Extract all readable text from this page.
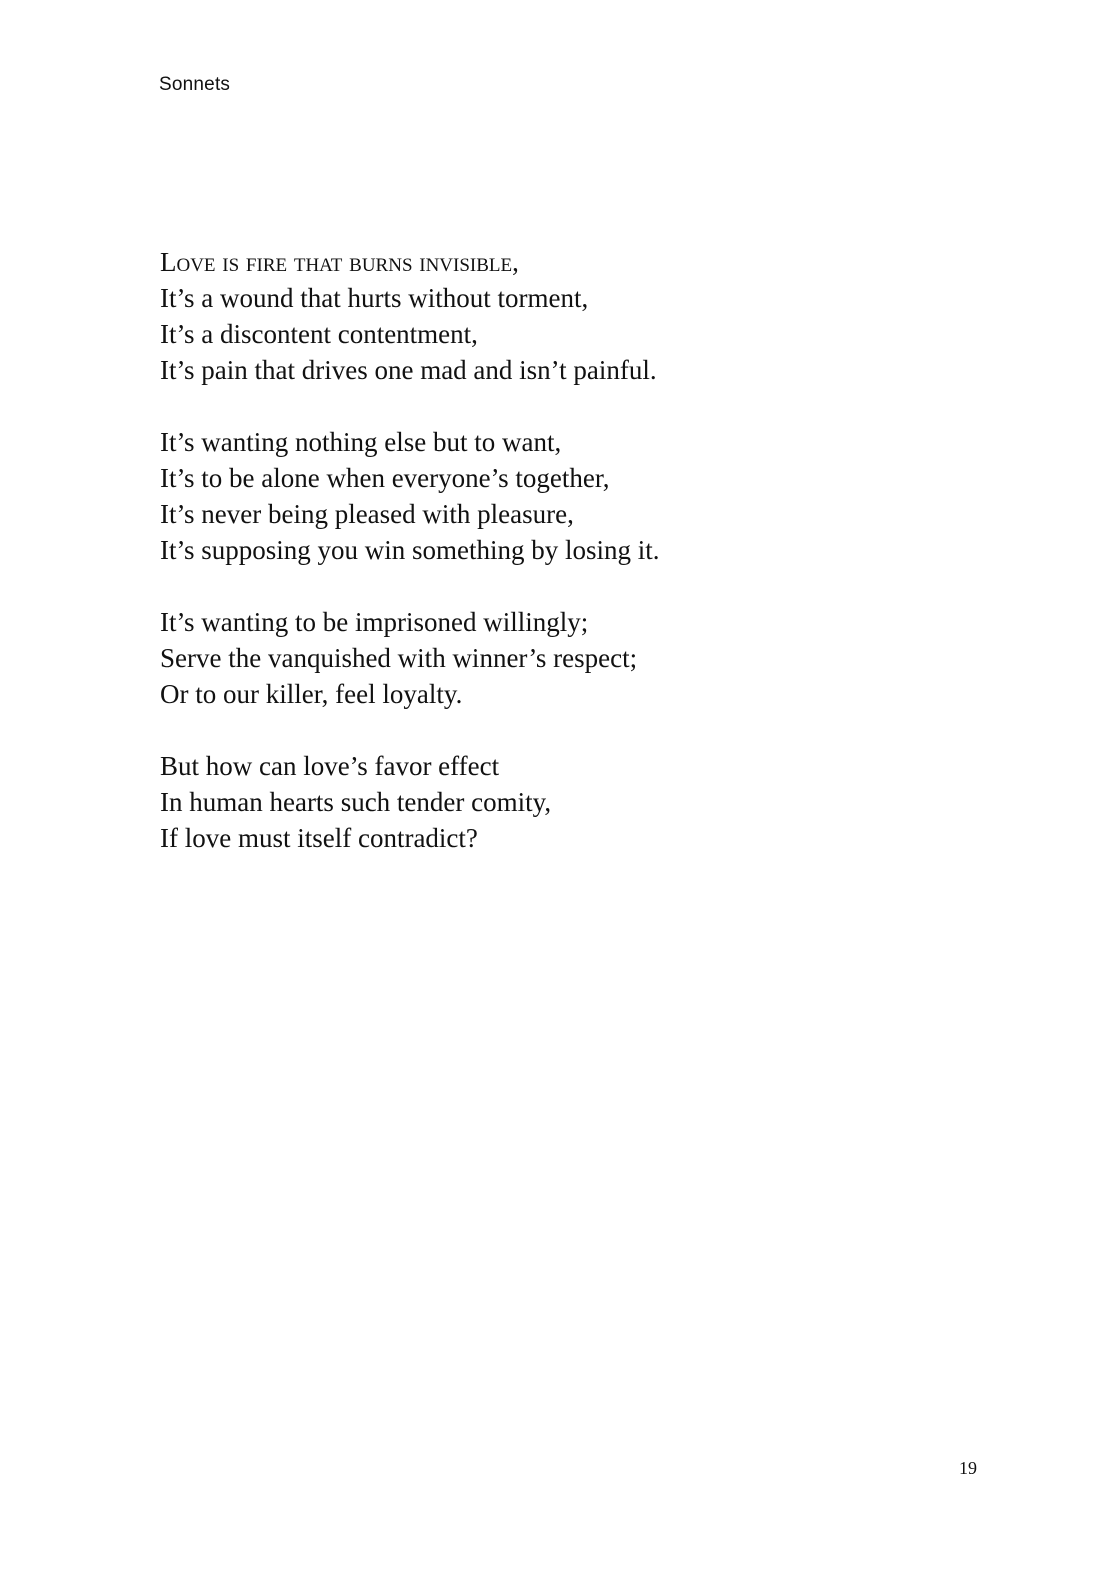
Sonnets
Love is fire that burns invisible,
It’s a wound that hurts without torment,
It’s a discontent contentment,
It’s pain that drives one mad and isn’t painful.
It’s wanting nothing else but to want,
It’s to be alone when everyone’s together,
It’s never being pleased with pleasure,
It’s supposing you win something by losing it.
It’s wanting to be imprisoned willingly;
Serve the vanquished with winner’s respect;
Or to our killer, feel loyalty.
But how can love’s favor effect
In human hearts such tender comity,
If love must itself contradict?
19
